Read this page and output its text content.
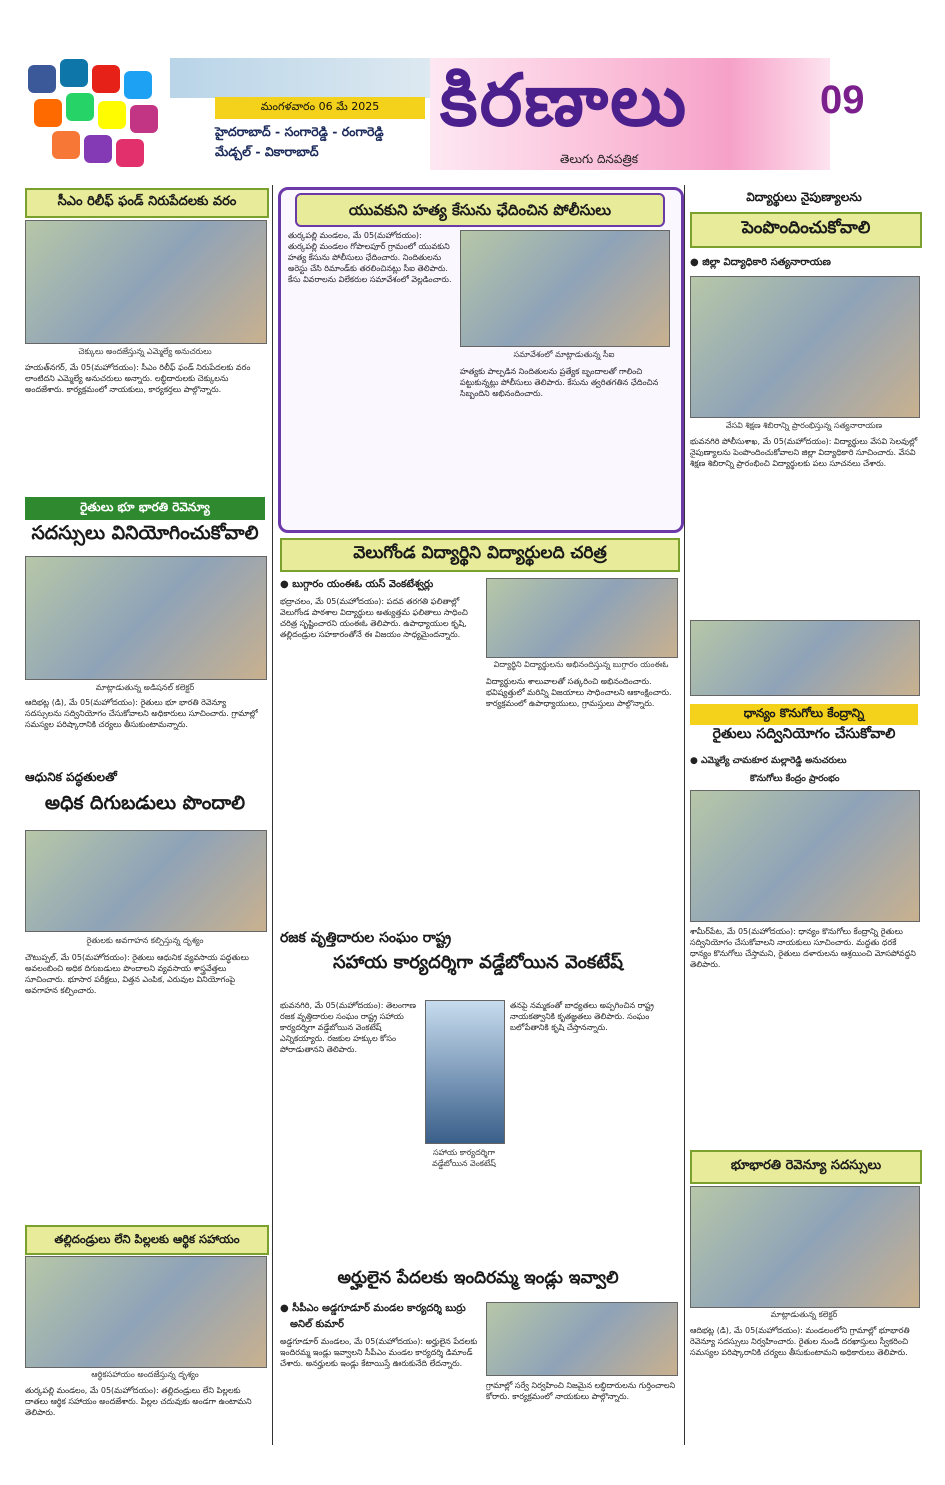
మంగళవారం 06 మే 2025
హైదరాబాద్ - సంగారెడ్డి - రంగారెడ్డి
మేడ్చల్ - వికారాబాద్
కిరణాలు	09
తెలుగు దినపత్రిక
సీఎం రిలీఫ్ ఫండ్ నిరుపేదలకు వరం
చెక్కులు అందజేస్తున్న ఎమ్మెల్యే అనుచరులు
హయత్‌నగర్, మే 05(మహోదయం): సీఎం రిలీఫ్ ఫండ్ నిరుపేదలకు వరం లాంటిదని ఎమ్మెల్యే అనుచరులు అన్నారు. లబ్ధిదారులకు చెక్కులను అందజేశారు. కార్యక్రమంలో నాయకులు, కార్యకర్తలు పాల్గొన్నారు.
రైతులు భూ భారతి రెవెన్యూ
సదస్సులు వినియోగించుకోవాలి
మాట్లాడుతున్న అడిషనల్ కలెక్టర్
ఆదిభట్ల (డి), మే 05(మహోదయం): రైతులు భూ భారతి రెవెన్యూ సదస్సులను సద్వినియోగం చేసుకోవాలని అధికారులు సూచించారు. గ్రామాల్లో సమస్యల పరిష్కారానికి చర్యలు తీసుకుంటామన్నారు.
ఆధునిక పద్ధతులతో
అధిక దిగుబడులు పొందాలి
రైతులకు అవగాహన కల్పిస్తున్న దృశ్యం
చౌటుప్పల్, మే 05(మహోదయం): రైతులు ఆధునిక వ్యవసాయ పద్ధతులు అవలంబించి అధిక దిగుబడులు పొందాలని వ్యవసాయ శాస్త్రవేత్తలు సూచించారు. భూసార పరీక్షలు, విత్తన ఎంపిక, ఎరువుల వినియోగంపై అవగాహన కల్పించారు.
తల్లిదండ్రులు లేని పిల్లలకు ఆర్థిక సహాయం
ఆర్థికసహాయం అందజేస్తున్న దృశ్యం
తుర్కపల్లి మండలం, మే 05(మహోదయం): తల్లిదండ్రులు లేని పిల్లలకు దాతలు ఆర్థిక సహాయం అందజేశారు. పిల్లల చదువుకు అండగా ఉంటామని తెలిపారు.
యువకుని హత్య కేసును ఛేదించిన పోలీసులు
తుర్కపల్లి మండలం, మే 05(మహోదయం): తుర్కపల్లి మండలం గోపాలపూర్ గ్రామంలో యువకుని హత్య కేసును పోలీసులు ఛేదించారు. నిందితులను అరెస్టు చేసి రిమాండ్‌కు తరలించినట్లు సీఐ తెలిపారు. కేసు వివరాలను విలేకరుల సమావేశంలో వెల్లడించారు.
సమావేశంలో మాట్లాడుతున్న సీఐ
హత్యకు పాల్పడిన నిందితులను ప్రత్యేక బృందాలతో గాలించి పట్టుకున్నట్లు పోలీసులు తెలిపారు. కేసును త్వరితగతిన ఛేదించిన సిబ్బందిని అభినందించారు.
వెలుగోండ విద్యార్థిని విద్యార్థులది చరిత్ర
● బుగ్గారం యంఈఓ యస్ వెంకటేశ్వర్లు
భద్రాచలం, మే 05(మహోదయం): పదవ తరగతి ఫలితాల్లో వెలుగోండ పాఠశాల విద్యార్థులు అత్యుత్తమ ఫలితాలు సాధించి చరిత్ర సృష్టించారని యంఈఓ తెలిపారు. ఉపాధ్యాయుల కృషి, తల్లిదండ్రుల సహకారంతోనే ఈ విజయం సాధ్యమైందన్నారు.
విద్యార్థిని విద్యార్థులను అభినందిస్తున్న బుగ్గారం యంఈఓ
విద్యార్థులను శాలువాలతో సత్కరించి అభినందించారు. భవిష్యత్తులో మరిన్ని విజయాలు సాధించాలని ఆకాంక్షించారు. కార్యక్రమంలో ఉపాధ్యాయులు, గ్రామస్తులు పాల్గొన్నారు.
రజక వృత్తిదారుల సంఘం రాష్ట్ర
సహాయ కార్యదర్శిగా వడ్డేబోయిన వెంకటేష్
భువనగిరి, మే 05(మహోదయం): తెలంగాణ రజక వృత్తిదారుల సంఘం రాష్ట్ర సహాయ కార్యదర్శిగా వడ్డేబోయిన వెంకటేష్ ఎన్నికయ్యారు. రజకుల హక్కుల కోసం పోరాడుతానని తెలిపారు.
సహాయ కార్యదర్శిగా వడ్డేబోయిన వెంకటేష్
తనపై నమ్మకంతో బాధ్యతలు అప్పగించిన రాష్ట్ర నాయకత్వానికి కృతజ్ఞతలు తెలిపారు. సంఘం బలోపేతానికి కృషి చేస్తానన్నారు.
అర్హులైన పేదలకు ఇందిరమ్మ ఇండ్లు ఇవ్వాలి
● సీపీఎం అడ్డగూడూర్ మండల కార్యదర్శి బుర్రు
అనిల్ కుమార్
అడ్డగూడూర్ మండలం, మే 05(మహోదయం): అర్హులైన పేదలకు ఇందిరమ్మ ఇండ్లు ఇవ్వాలని సీపీఎం మండల కార్యదర్శి డిమాండ్ చేశారు. అనర్హులకు ఇండ్లు కేటాయిస్తే ఊరుకునేది లేదన్నారు.
గ్రామాల్లో సర్వే నిర్వహించి నిజమైన లబ్ధిదారులను గుర్తించాలని కోరారు. కార్యక్రమంలో నాయకులు పాల్గొన్నారు.
విద్యార్థులు నైపుణ్యాలను
పెంపొందించుకోవాలి
● జిల్లా విద్యాధికారి సత్యనారాయణ
వేసవి శిక్షణ శిబిరాన్ని ప్రారంభిస్తున్న సత్యనారాయణ
భువనగిరి పోలీసుశాఖ, మే 05(మహోదయం): విద్యార్థులు వేసవి సెలవుల్లో నైపుణ్యాలను పెంపొందించుకోవాలని జిల్లా విద్యాధికారి సూచించారు. వేసవి శిక్షణ శిబిరాన్ని ప్రారంభించి విద్యార్థులకు పలు సూచనలు చేశారు.
ధాన్యం కొనుగోలు కేంద్రాన్ని
రైతులు సద్వినియోగం చేసుకోవాలి
● ఎమ్మెల్యే చామకూర మల్లారెడ్డి అనుచరులు
కొనుగోలు కేంద్రం ప్రారంభం
శామీర్‌పేట, మే 05(మహోదయం): ధాన్యం కొనుగోలు కేంద్రాన్ని రైతులు సద్వినియోగం చేసుకోవాలని నాయకులు సూచించారు. మద్దతు ధరకే ధాన్యం కొనుగోలు చేస్తామని, రైతులు దళారులను ఆశ్రయించి మోసపోవద్దని తెలిపారు.
భూభారతి రెవెన్యూ సదస్సులు
మాట్లాడుతున్న కలెక్టర్
ఆదిభట్ల (డి), మే 05(మహోదయం): మండలంలోని గ్రామాల్లో భూభారతి రెవెన్యూ సదస్సులు నిర్వహించారు. రైతుల నుండి దరఖాస్తులు స్వీకరించి సమస్యల పరిష్కారానికి చర్యలు తీసుకుంటామని అధికారులు తెలిపారు.
